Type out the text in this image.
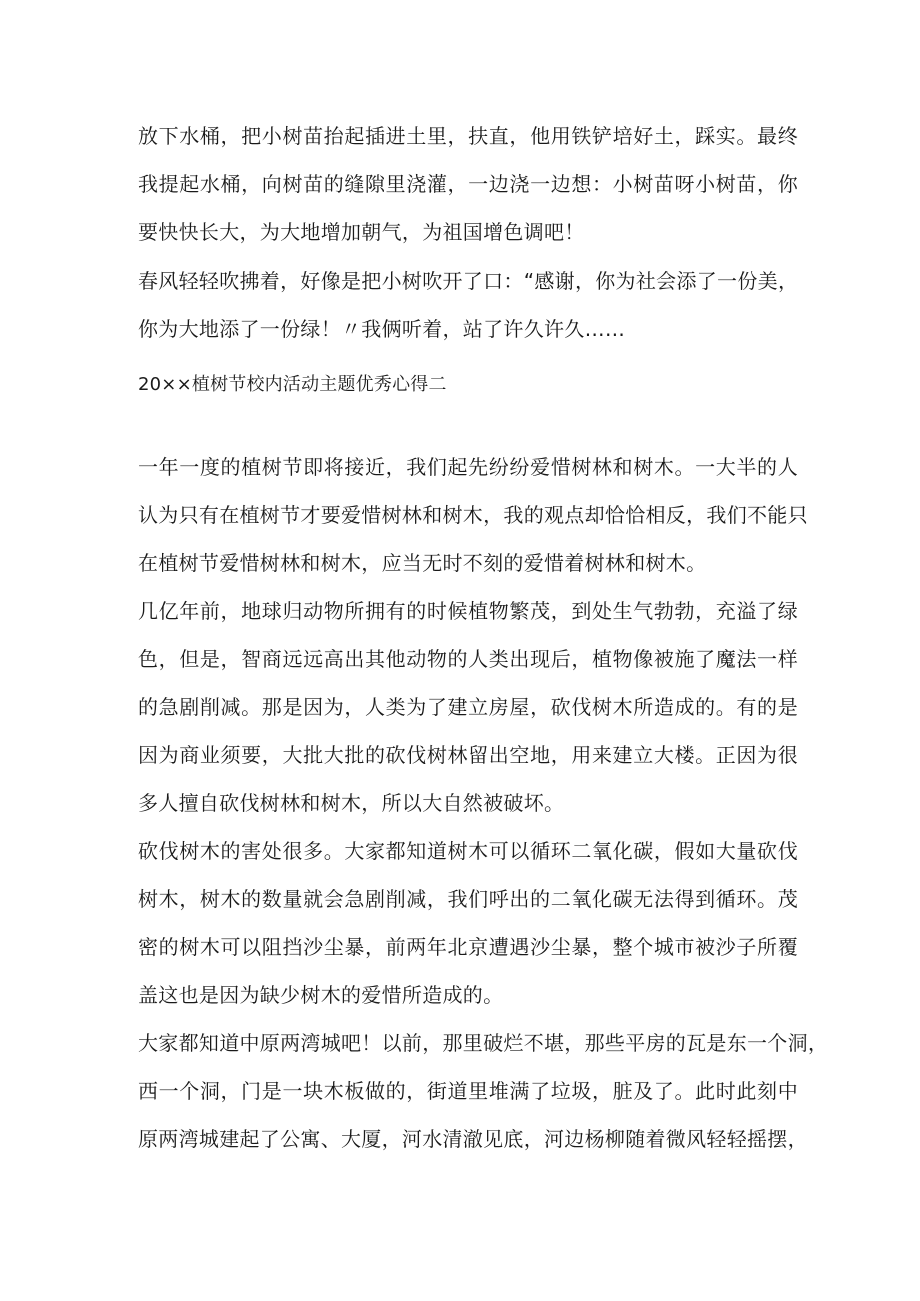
放下水桶，把小树苗抬起插进土里，扶直，他用铁铲培好土，踩实。最终
我提起水桶，向树苗的缝隙里浇灌，一边浇一边想：小树苗呀小树苗，你
要快快长大，为大地增加朝气，为祖国增色调吧！
春风轻轻吹拂着，好像是把小树吹开了口：“感谢，你为社会添了一份美，
你为大地添了一份绿！〃我俩听着，站了许久许久……
20××植树节校内活动主题优秀心得二
一年一度的植树节即将接近，我们起先纷纷爱惜树林和树木。一大半的人
认为只有在植树节才要爱惜树林和树木，我的观点却恰恰相反，我们不能只
在植树节爱惜树林和树木，应当无时不刻的爱惜着树林和树木。
几亿年前，地球归动物所拥有的时候植物繁茂，到处生气勃勃，充溢了绿
色，但是，智商远远高出其他动物的人类出现后，植物像被施了魔法一样
的急剧削减。那是因为，人类为了建立房屋，砍伐树木所造成的。有的是
因为商业须要，大批大批的砍伐树林留出空地，用来建立大楼。正因为很
多人擅自砍伐树林和树木，所以大自然被破坏。
砍伐树木的害处很多。大家都知道树木可以循环二氧化碳，假如大量砍伐
树木，树木的数量就会急剧削减，我们呼出的二氧化碳无法得到循环。茂
密的树木可以阻挡沙尘暴，前两年北京遭遇沙尘暴，整个城市被沙子所覆
盖这也是因为缺少树木的爱惜所造成的。
大家都知道中原两湾城吧！以前，那里破烂不堪，那些平房的瓦是东一个洞，
西一个洞，门是一块木板做的，街道里堆满了垃圾，脏及了。此时此刻中
原两湾城建起了公寓、大厦，河水清澈见底，河边杨柳随着微风轻轻摇摆，
